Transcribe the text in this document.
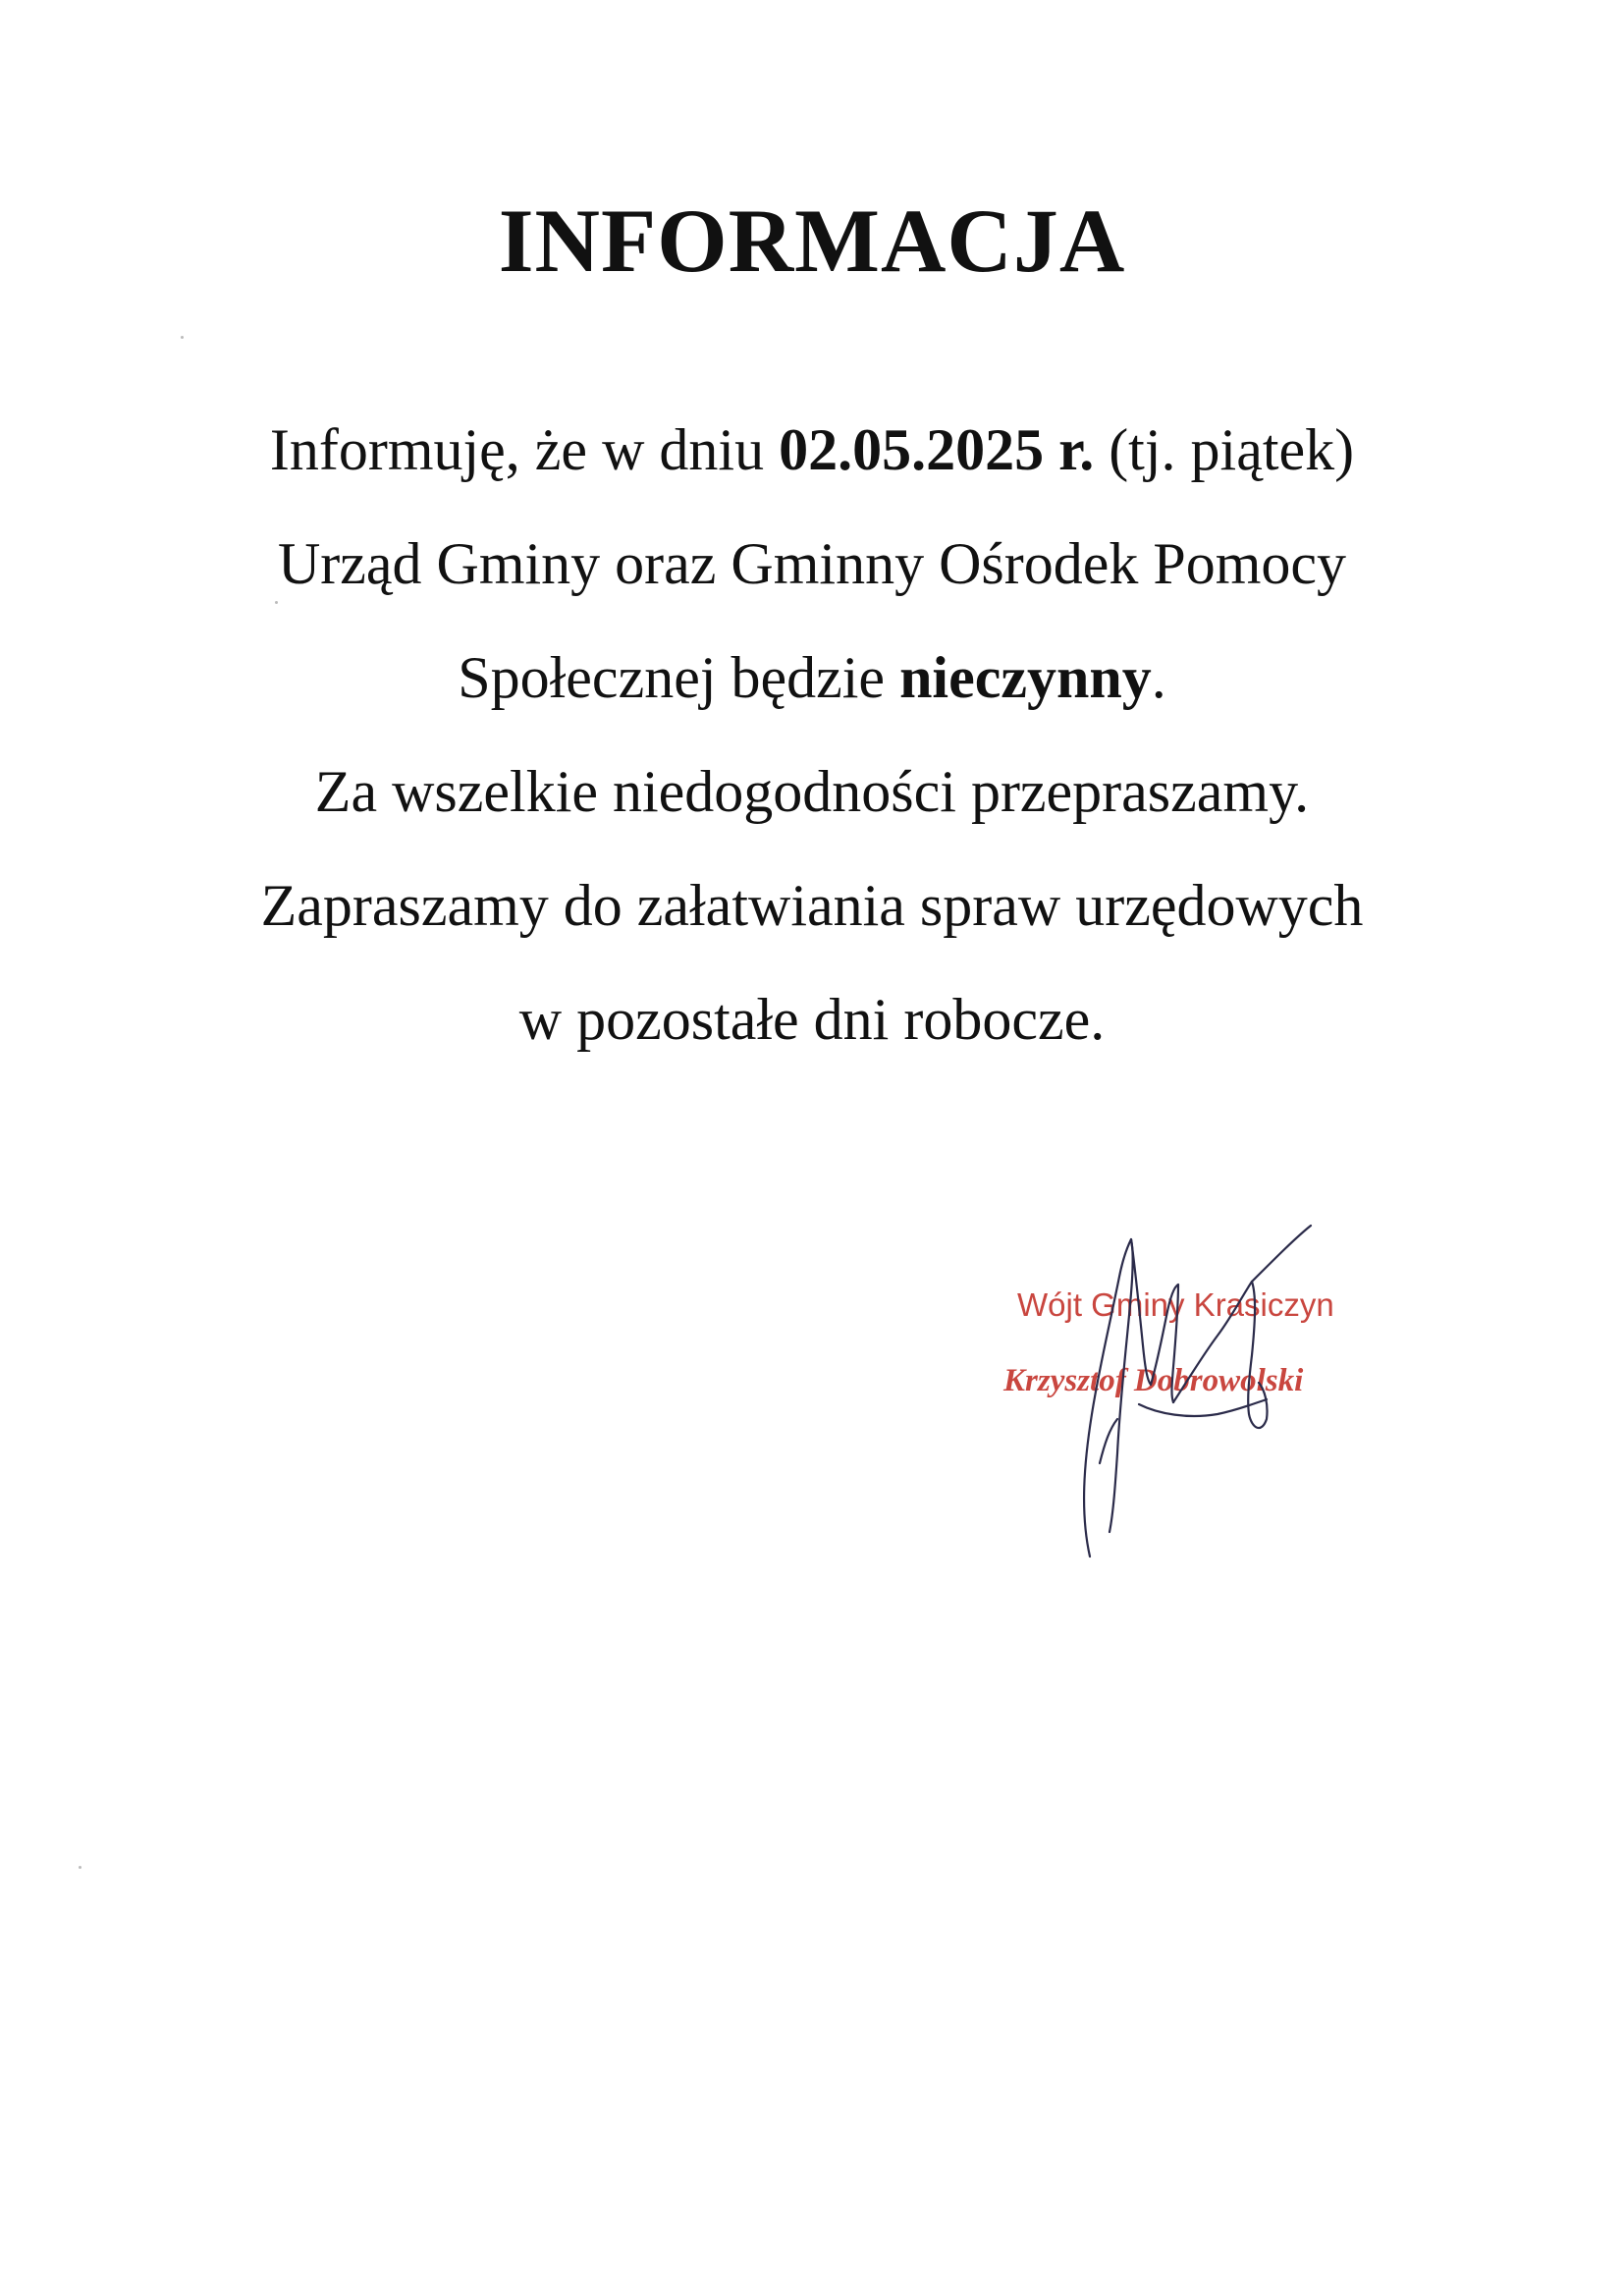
INFORMACJA
Informuję, że w dniu 02.05.2025 r. (tj. piątek)
Urząd Gminy oraz Gminny Ośrodek Pomocy
Społecznej będzie nieczynny.
Za wszelkie niedogodności przepraszamy.
Zapraszamy do załatwiania spraw urzędowych
w pozostałe dni robocze.
Wójt Gminy Krasiczyn
Krzysztof Dobrowolski
